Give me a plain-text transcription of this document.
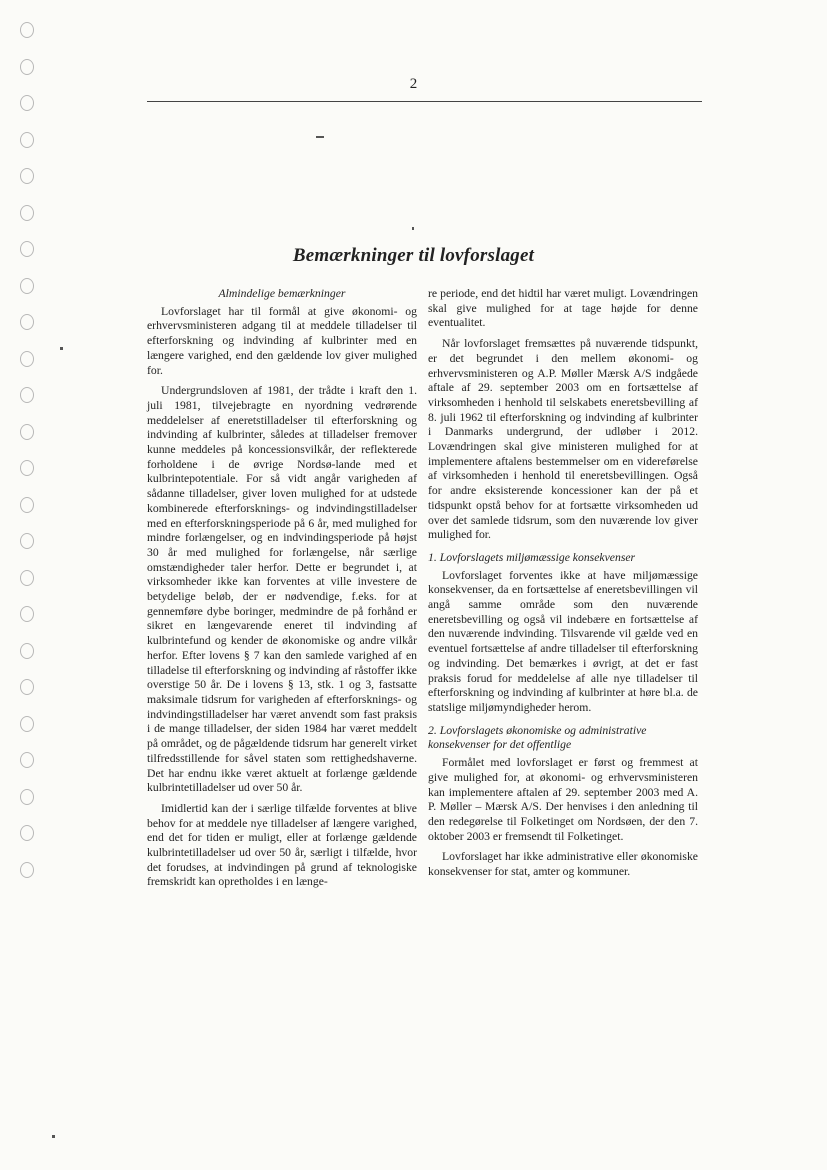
2
Bemærkninger til lovforslaget
Almindelige bemærkninger

Lovforslaget har til formål at give økonomi- og erhvervsministeren adgang til at meddele tilladelser til efterforskning og indvinding af kulbrinter med en længere varighed, end den gældende lov giver mulighed for.

Undergrundsloven af 1981, der trådte i kraft den 1. juli 1981, tilvejebragte en nyordning vedrørende meddelelser af eneretstilladelser til efterforskning og indvinding af kulbrinter, således at tilladelser fremover kunne meddeles på koncessionsvilkår, der reflekterede forholdene i de øvrige Nordsø-lande med et kulbrintepotentiale. For så vidt angår varigheden af sådanne tilladelser, giver loven mulighed for at udstede kombinerede efterforsknings- og indvindingstilladelser med en efterforskningsperiode på 6 år, med mulighed for mindre forlængelser, og en indvindingsperiode på højst 30 år med mulighed for forlængelse, når særlige omstændigheder taler herfor. Dette er begrundet i, at virksomheder ikke kan forventes at ville investere de betydelige beløb, der er nødvendige, f.eks. for at gennemføre dybe boringer, medmindre de på forhånd er sikret en længevarende eneret til indvinding af kulbrintefund og kender de økonomiske og andre vilkår herfor. Efter lovens § 7 kan den samlede varighed af en tilladelse til efterforskning og indvinding af råstoffer ikke overstige 50 år. De i lovens § 13, stk. 1 og 3, fastsatte maksimale tidsrum for varigheden af efterforsknings- og indvindingstilladelser har været anvendt som fast praksis i de mange tilladelser, der siden 1984 har været meddelt på området, og de pågældende tidsrum har generelt virket tilfredsstillende for såvel staten som rettighedshaverne. Det har endnu ikke været aktuelt at forlænge gældende kulbrintetilladelser ud over 50 år.

Imidlertid kan der i særlige tilfælde forventes at blive behov for at meddele nye tilladelser af længere varighed, end det for tiden er muligt, eller at forlænge gældende kulbrintetilladelser ud over 50 år, særligt i tilfælde, hvor det forudses, at indvindingen på grund af teknologiske fremskridt kan opretholdes i en længe-

re periode, end det hidtil har været muligt. Lovændringen skal give mulighed for at tage højde for denne eventualitet.

Når lovforslaget fremsættes på nuværende tidspunkt, er det begrundet i den mellem økonomi- og erhvervsministeren og A.P. Møller Mærsk A/S indgåede aftale af 29. september 2003 om en fortsættelse af virksomheden i henhold til selskabets eneretsbevilling af 8. juli 1962 til efterforskning og indvinding af kulbrinter i Danmarks undergrund, der udløber i 2012. Lovændringen skal give ministeren mulighed for at implementere aftalens bestemmelser om en videreførelse af virksomheden i henhold til eneretsbevillingen. Også for andre eksisterende koncessioner kan der på et tidspunkt opstå behov for at fortsætte virksomheden ud over det samlede tidsrum, som den nuværende lov giver mulighed for.

1. Lovforslagets miljømæssige konsekvenser

Lovforslaget forventes ikke at have miljømæssige konsekvenser, da en fortsættelse af eneretsbevillingen vil angå samme område som den nuværende eneretsbevilling og også vil indebære en fortsættelse af den nuværende indvinding. Tilsvarende vil gælde ved en eventuel fortsættelse af andre tilladelser til efterforskning og indvinding. Det bemærkes i øvrigt, at det er fast praksis forud for meddelelse af alle nye tilladelser til efterforskning og indvinding af kulbrinter at høre bl.a. de statslige miljømyndigheder herom.

2. Lovforslagets økonomiske og administrative konsekvenser for det offentlige

Formålet med lovforslaget er først og fremmest at give mulighed for, at økonomi- og erhvervsministeren kan implementere aftalen af 29. september 2003 med A. P. Møller – Mærsk A/S. Der henvises i den anledning til den redegørelse til Folketinget om Nordsøen, der den 7. oktober 2003 er fremsendt til Folketinget.

Lovforslaget har ikke administrative eller økonomiske konsekvenser for stat, amter og kommuner.
